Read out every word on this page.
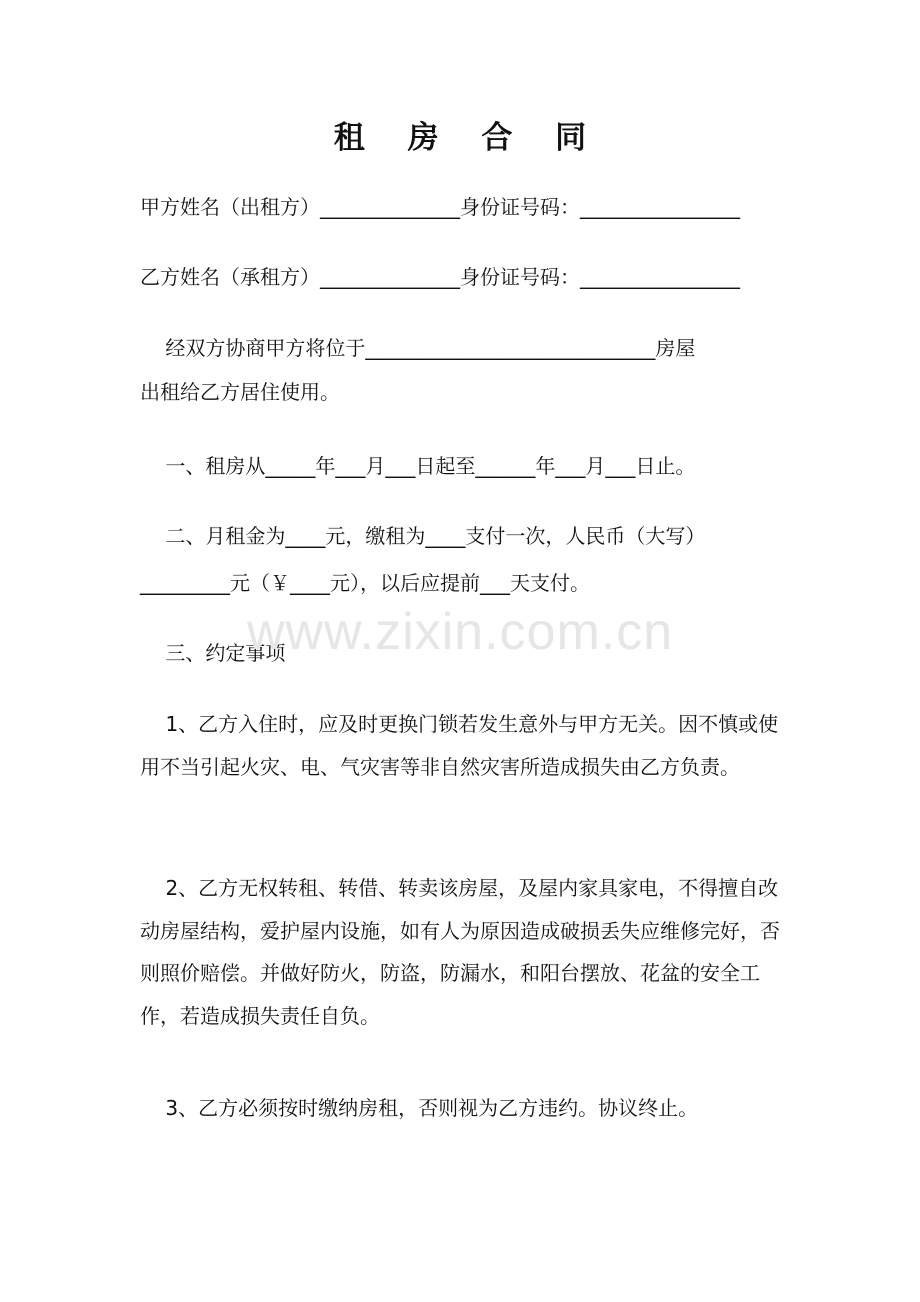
租 房 合 同
甲方姓名（出租方）______________身份证号码：________________
乙方姓名（承租方）______________身份证号码：________________
经双方协商甲方将位于_____________________________房屋
出租给乙方居住使用。
一、租房从_____年___月___日起至______年___月___日止。
二、月租金为____元，缴租为____支付一次，人民币（大写）
_________元（￥____元），以后应提前___天支付。
三、约定事项
1、乙方入住时，应及时更换门锁若发生意外与甲方无关。因不慎或使用不当引起火灾、电、气灾害等非自然灾害所造成损失由乙方负责。
2、乙方无权转租、转借、转卖该房屋，及屋内家具家电，不得擅自改动房屋结构，爱护屋内设施，如有人为原因造成破损丢失应维修完好，否则照价赔偿。并做好防火，防盗，防漏水，和阳台摆放、花盆的安全工作，若造成损失责任自负。
3、乙方必须按时缴纳房租，否则视为乙方违约。协议终止。
www.zixin.com.cn
